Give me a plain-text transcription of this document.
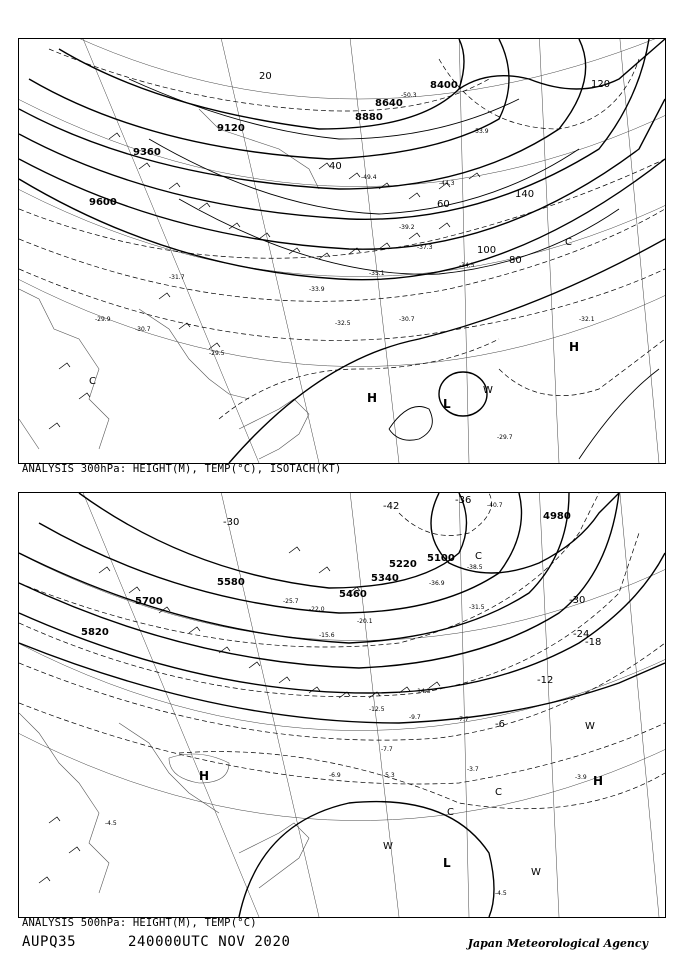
8400
8640
8880
9120
9360
9600
20
40
60
80
100
120
140
H	L
H
C
C
W
-50.3
-53.9
-49.4
-44.3
-39.2
-37.3
-35.1
-34.5
-33.9
-31.7
-30.7	-32.1
-32.5
-29.9
-30.7
-29.5
-29.7
ANALYSIS 300hPa: HEIGHT(M), TEMP(°C), ISOTACH(KT)
4980
5100
5220
5340
5460
5580
5700
5820
-42
-36
-30
-30
-24
-18
-12
-6
H
L
H
C
C
C
W
W
W
-40.7
-38.5
-36.9
-31.5
-25.7
-22.0
-20.1
-15.6
-14.3
-12.5
-9.7	-7.7
-7.7
-6.9	-5.3
-4.5
-3.9
-3.7
-4.5
ANALYSIS 500hPa: HEIGHT(M), TEMP(°C)
AUPQ35	240000UTC NOV 2020	Japan Meteorological Agency
